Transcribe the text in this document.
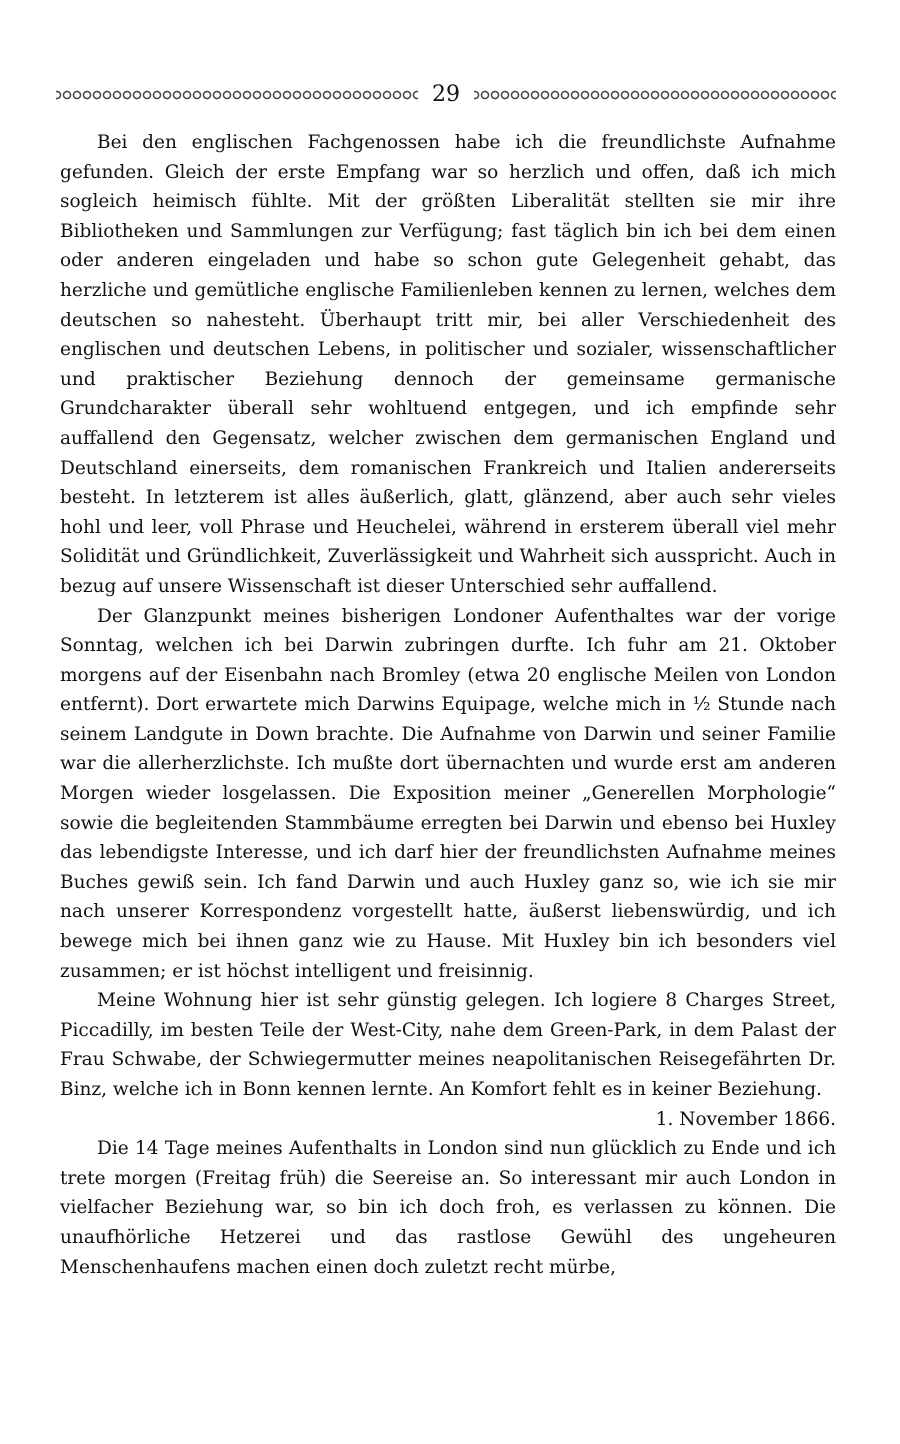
29

Bei den englischen Fachgenossen habe ich die freundlichste Aufnahme gefunden. Gleich der erste Empfang war so herzlich und offen, daß ich mich sogleich heimisch fühlte. Mit der größten Liberalität stellten sie mir ihre Bibliotheken und Sammlungen zur Verfügung; fast täglich bin ich bei dem einen oder anderen eingeladen und habe so schon gute Gelegenheit gehabt, das herzliche und gemütliche englische Familienleben kennen zu lernen, welches dem deutschen so nahesteht. Überhaupt tritt mir, bei aller Verschiedenheit des englischen und deutschen Lebens, in politischer und sozialer, wissenschaftlicher und praktischer Beziehung dennoch der gemeinsame germanische Grundcharakter überall sehr wohltuend entgegen, und ich empfinde sehr auffallend den Gegensatz, welcher zwischen dem germanischen England und Deutschland einerseits, dem romanischen Frankreich und Italien andererseits besteht. In letzterem ist alles äußerlich, glatt, glänzend, aber auch sehr vieles hohl und leer, voll Phrase und Heuchelei, während in ersterem überall viel mehr Solidität und Gründlichkeit, Zuverlässigkeit und Wahrheit sich ausspricht. Auch in bezug auf unsere Wissenschaft ist dieser Unterschied sehr auffallend.

Der Glanzpunkt meines bisherigen Londoner Aufenthaltes war der vorige Sonntag, welchen ich bei Darwin zubringen durfte. Ich fuhr am 21. Oktober morgens auf der Eisenbahn nach Bromley (etwa 20 englische Meilen von London entfernt). Dort erwartete mich Darwins Equipage, welche mich in ½ Stunde nach seinem Landgute in Down brachte. Die Aufnahme von Darwin und seiner Familie war die allerherzlichste. Ich mußte dort übernachten und wurde erst am anderen Morgen wieder losgelassen. Die Exposition meiner „Generellen Morphologie“ sowie die begleitenden Stammbäume erregten bei Darwin und ebenso bei Huxley das lebendigste Interesse, und ich darf hier der freundlichsten Aufnahme meines Buches gewiß sein. Ich fand Darwin und auch Huxley ganz so, wie ich sie mir nach unserer Korrespondenz vorgestellt hatte, äußerst liebenswürdig, und ich bewege mich bei ihnen ganz wie zu Hause. Mit Huxley bin ich besonders viel zusammen; er ist höchst intelligent und freisinnig.

Meine Wohnung hier ist sehr günstig gelegen. Ich logiere 8 Charges Street, Piccadilly, im besten Teile der West-City, nahe dem Green-Park, in dem Palast der Frau Schwabe, der Schwiegermutter meines neapolitanischen Reisegefährten Dr. Binz, welche ich in Bonn kennen lernte. An Komfort fehlt es in keiner Beziehung.

1. November 1866.

Die 14 Tage meines Aufenthalts in London sind nun glücklich zu Ende und ich trete morgen (Freitag früh) die Seereise an. So interessant mir auch London in vielfacher Beziehung war, so bin ich doch froh, es verlassen zu können. Die unaufhörliche Hetzerei und das rastlose Gewühl des ungeheuren Menschenhaufens machen einen doch zuletzt recht mürbe,
